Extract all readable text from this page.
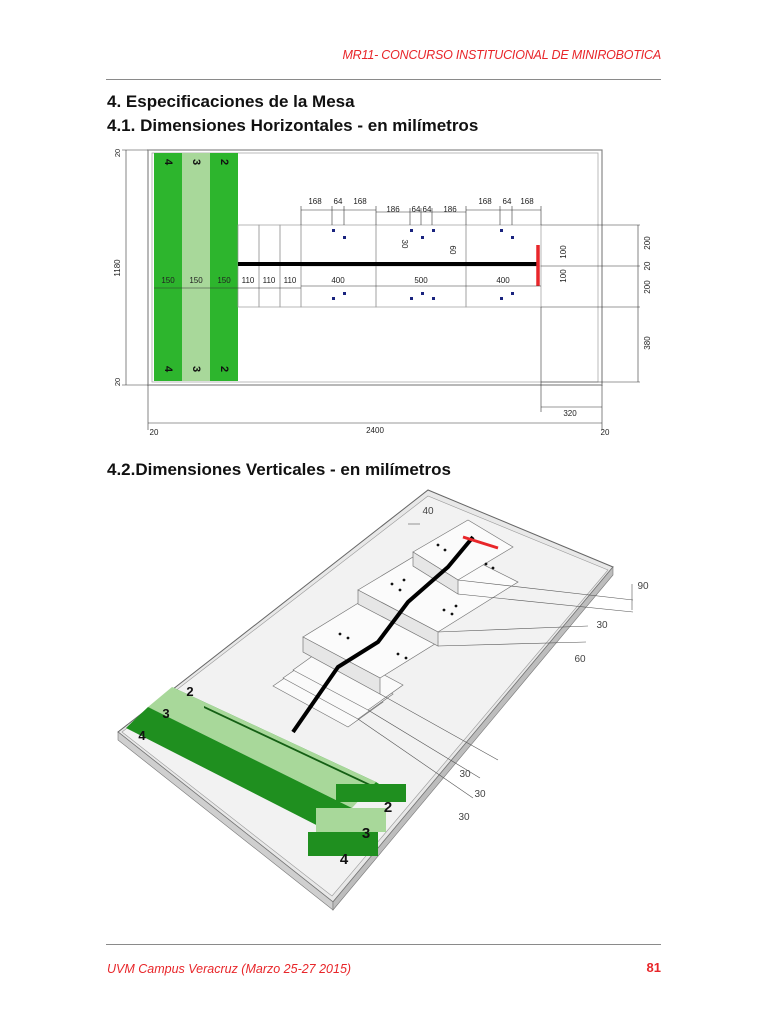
MR11- CONCURSO INSTITUCIONAL DE MINIROBOTICA
4. Especificaciones de la Mesa
4.1. Dimensiones Horizontales - en milímetros
4 3 2
4 3 2
168 64 168
186 64 64 186
168 64 168
30
60
150 150 150 110 110 110	400	500	400
100
100
200
20
200
380
20
1180
20
320
20	2400	20
4.2.Dimensiones Verticales - en milímetros
2
3
4
2
3
4
40
90
30
60
30
30
30
UVM Campus Veracruz (Marzo 25-27 2015)	81
